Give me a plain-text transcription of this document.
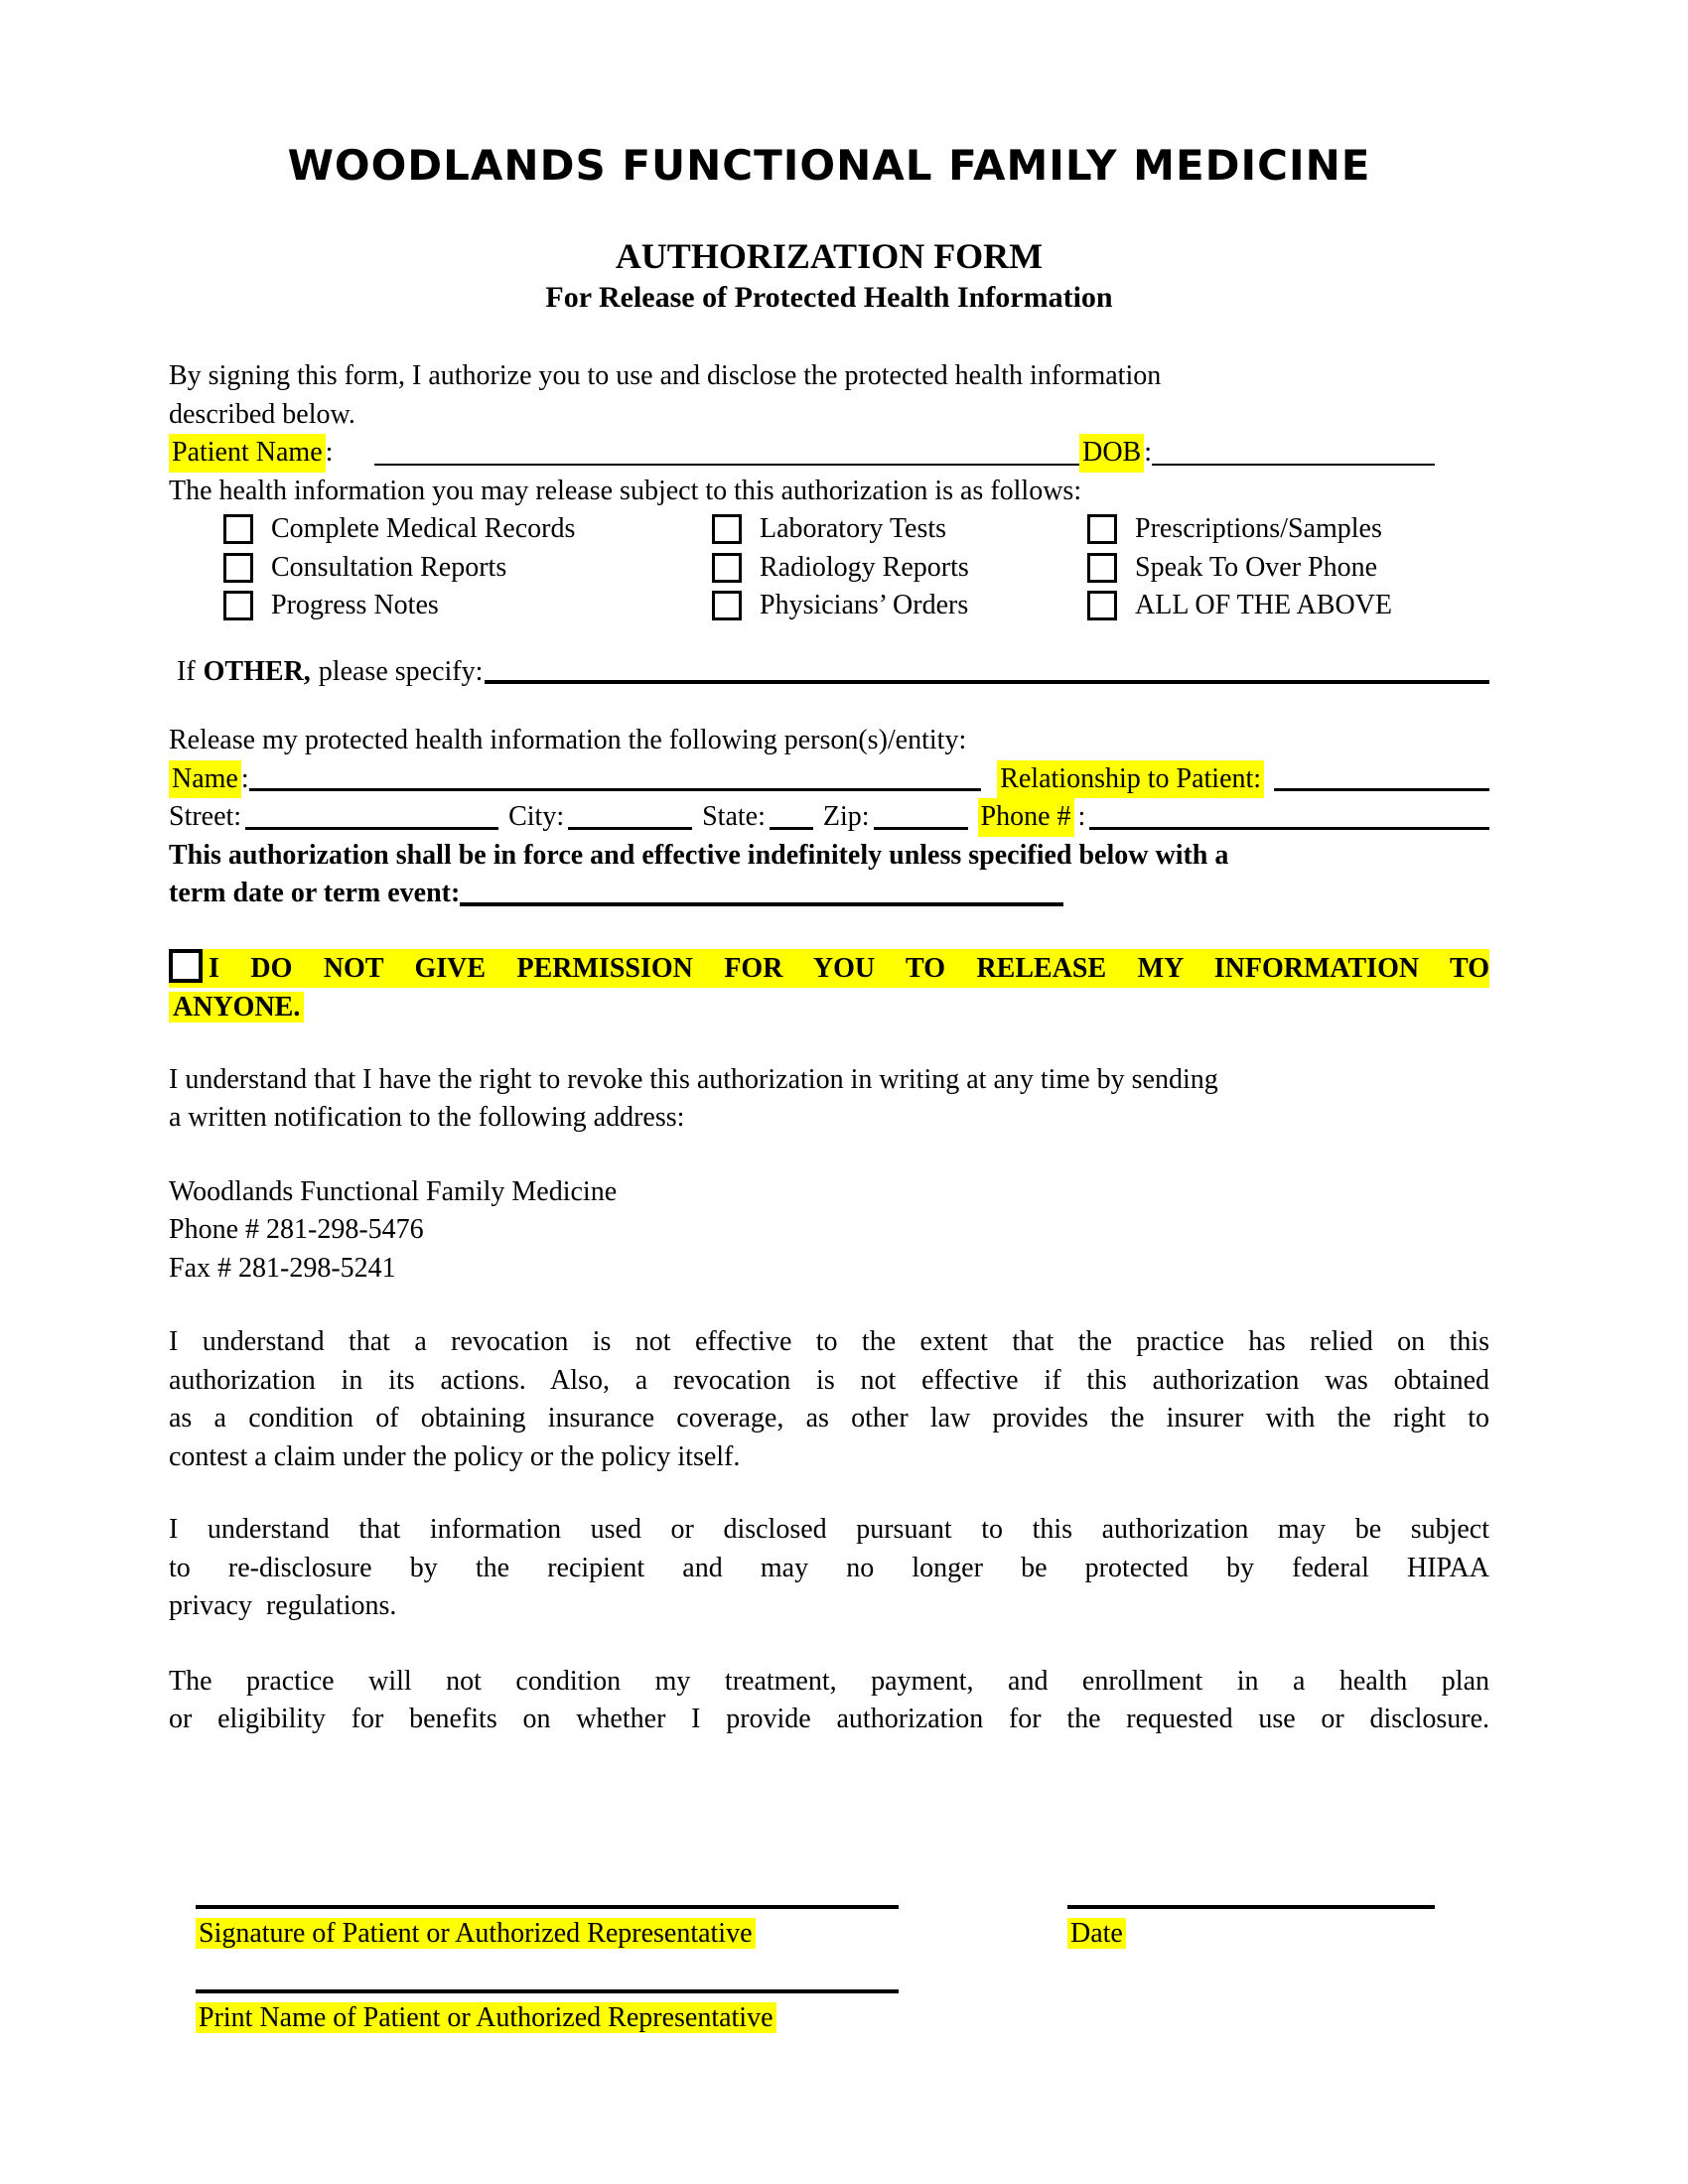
WOODLANDS FUNCTIONAL FAMILY MEDICINE
AUTHORIZATION FORM
For Release of Protected Health Information
By signing this form, I authorize you to use and disclose the protected health information
described below.
Patient Name :	DOB :
The health information you may release subject to this authorization is as follows:
Complete Medical Records	Laboratory Tests	Prescriptions/Samples
Consultation Reports	Radiology Reports	Speak To Over Phone
Progress Notes	Physicians’ Orders	ALL OF THE ABOVE
If OTHER, please specify:
Release my protected health information the following person(s)/entity:
Name :	Relationship to Patient:
Street:	City:	State: Zip:	Phone # :
This authorization shall be in force and effective indefinitely unless specified below with a
term date or term event:
I DO NOT GIVE PERMISSION FOR YOU TO RELEASE MY INFORMATION TO
ANYONE.
I understand that I have the right to revoke this authorization in writing at any time by sending
a written notification to the following address:
Woodlands Functional Family Medicine
Phone # 281-298-5476
Fax # 281-298-5241
I understand that a revocation is not effective to the extent that the practice has relied on this
authorization in its actions. Also, a revocation is not effective if this authorization was obtained
as a condition of obtaining insurance coverage, as other law provides the insurer with the right to
contest a claim under the policy or the policy itself.
I understand that information used or disclosed pursuant to this authorization may be subject
to re-disclosure by the recipient and may no longer be protected by federal HIPAA
privacy  regulations.
The practice will not condition my treatment, payment, and enrollment in a health plan
or eligibility for benefits on whether I provide authorization for the requested use or disclosure.
Signature of Patient or Authorized Representative	Date
Print Name of Patient or Authorized Representative
